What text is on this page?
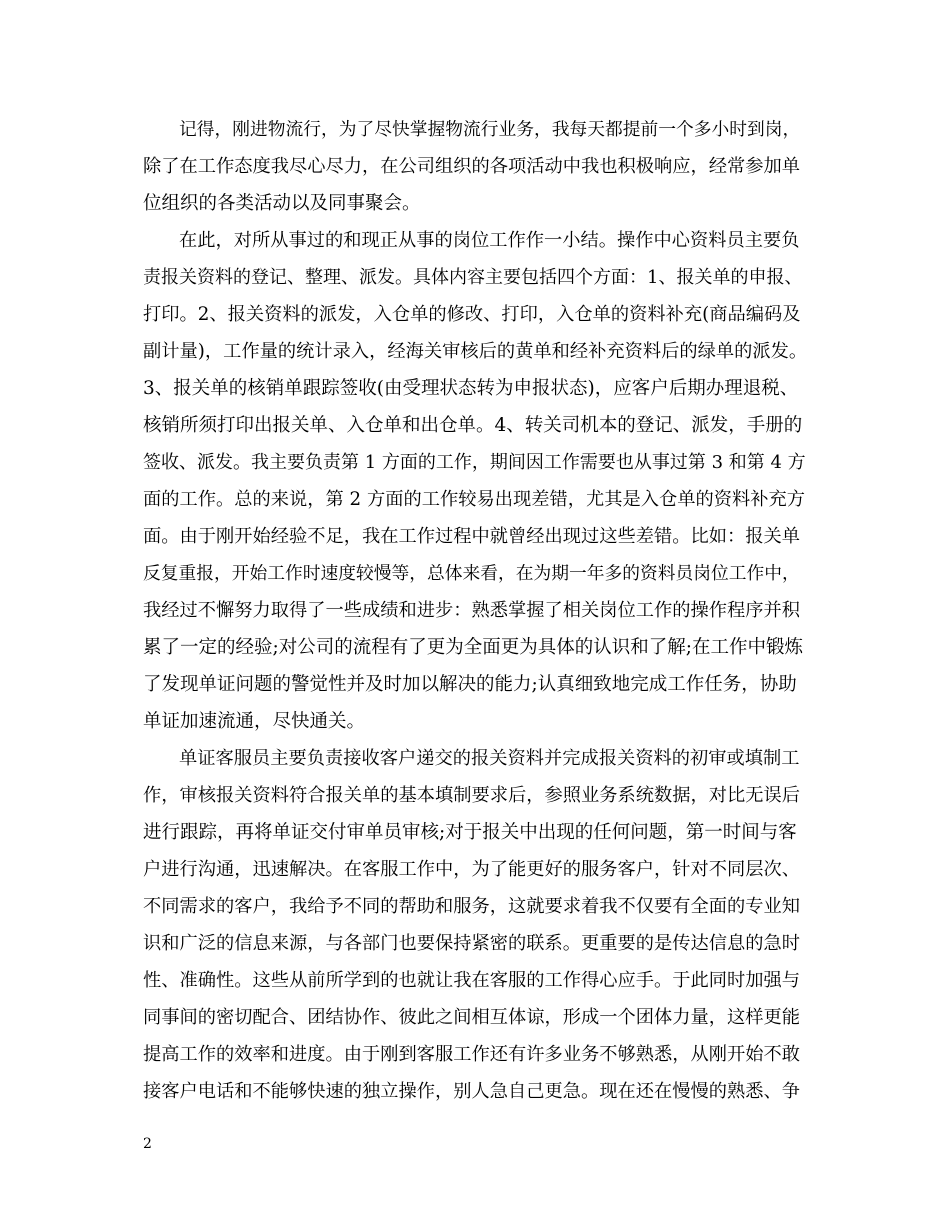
记得，刚进物流行，为了尽快掌握物流行业务，我每天都提前一个多小时到岗，
除了在工作态度我尽心尽力，在公司组织的各项活动中我也积极响应，经常参加单
位组织的各类活动以及同事聚会。
在此，对所从事过的和现正从事的岗位工作作一小结。操作中心资料员主要负
责报关资料的登记、整理、派发。具体内容主要包括四个方面：1、报关单的申报、
打印。2、报关资料的派发，入仓单的修改、打印，入仓单的资料补充(商品编码及
副计量)，工作量的统计录入，经海关审核后的黄单和经补充资料后的绿单的派发。
3、报关单的核销单跟踪签收(由受理状态转为申报状态)，应客户后期办理退税、
核销所须打印出报关单、入仓单和出仓单。4、转关司机本的登记、派发，手册的
签收、派发。我主要负责第 1 方面的工作，期间因工作需要也从事过第 3 和第 4 方
面的工作。总的来说，第 2 方面的工作较易出现差错，尤其是入仓单的资料补充方
面。由于刚开始经验不足，我在工作过程中就曾经出现过这些差错。比如：报关单
反复重报，开始工作时速度较慢等，总体来看，在为期一年多的资料员岗位工作中，
我经过不懈努力取得了一些成绩和进步：熟悉掌握了相关岗位工作的操作程序并积
累了一定的经验;对公司的流程有了更为全面更为具体的认识和了解;在工作中锻炼
了发现单证问题的警觉性并及时加以解决的能力;认真细致地完成工作任务，协助
单证加速流通，尽快通关。
单证客服员主要负责接收客户递交的报关资料并完成报关资料的初审或填制工
作，审核报关资料符合报关单的基本填制要求后，参照业务系统数据，对比无误后
进行跟踪，再将单证交付审单员审核;对于报关中出现的任何问题，第一时间与客
户进行沟通，迅速解决。在客服工作中，为了能更好的服务客户，针对不同层次、
不同需求的客户，我给予不同的帮助和服务，这就要求着我不仅要有全面的专业知
识和广泛的信息来源，与各部门也要保持紧密的联系。更重要的是传达信息的急时
性、准确性。这些从前所学到的也就让我在客服的工作得心应手。于此同时加强与
同事间的密切配合、团结协作、彼此之间相互体谅，形成一个团体力量，这样更能
提高工作的效率和进度。由于刚到客服工作还有许多业务不够熟悉，从刚开始不敢
接客户电话和不能够快速的独立操作，别人急自己更急。现在还在慢慢的熟悉、争
2
